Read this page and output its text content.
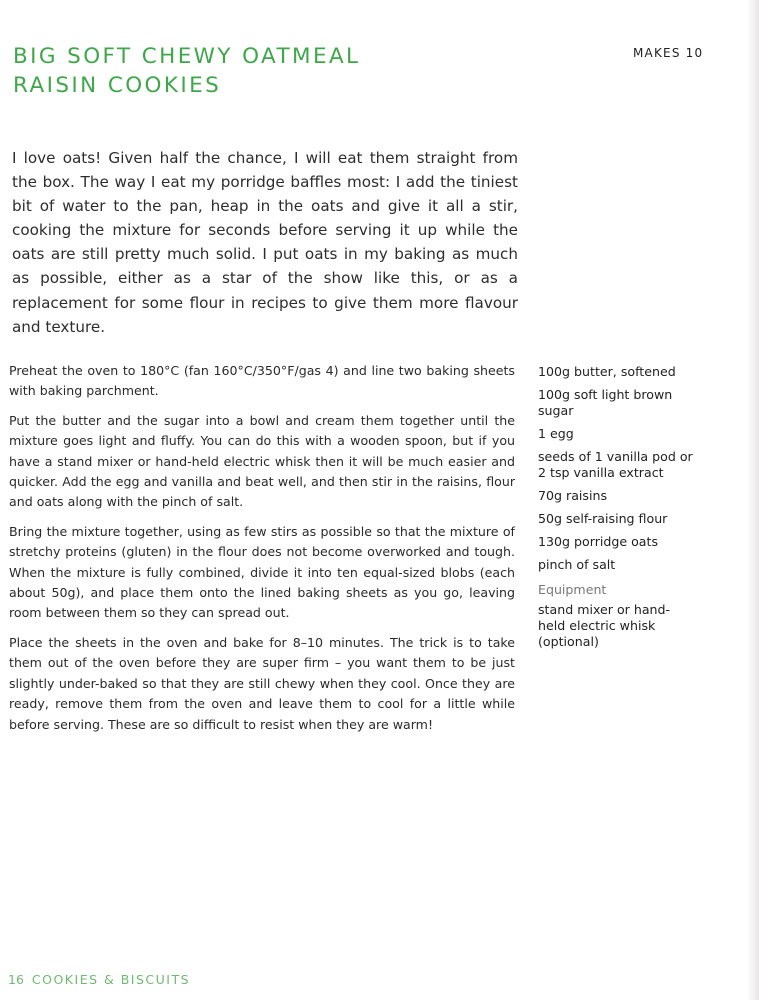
BIG SOFT CHEWY OATMEAL
RAISIN COOKIES
MAKES 10

I love oats! Given half the chance, I will eat them straight from the box. The way I eat my porridge baffles most: I add the tiniest bit of water to the pan, heap in the oats and give it all a stir, cooking the mixture for seconds before serving it up while the oats are still pretty much solid. I put oats in my baking as much as possible, either as a star of the show like this, or as a replacement for some flour in recipes to give them more flavour and texture.

Preheat the oven to 180°C (fan 160°C/350°F/gas 4) and line two baking sheets with baking parchment.

Put the butter and the sugar into a bowl and cream them together until the mixture goes light and fluffy. You can do this with a wooden spoon, but if you have a stand mixer or hand-held electric whisk then it will be much easier and quicker. Add the egg and vanilla and beat well, and then stir in the raisins, flour and oats along with the pinch of salt.

Bring the mixture together, using as few stirs as possible so that the mixture of stretchy proteins (gluten) in the flour does not become overworked and tough. When the mixture is fully combined, divide it into ten equal-sized blobs (each about 50g), and place them onto the lined baking sheets as you go, leaving room between them so they can spread out.

Place the sheets in the oven and bake for 8–10 minutes. The trick is to take them out of the oven before they are super firm – you want them to be just slightly under-baked so that they are still chewy when they cool. Once they are ready, remove them from the oven and leave them to cool for a little while before serving. These are so difficult to resist when they are warm!

100g butter, softened
100g soft light brown sugar
1 egg
seeds of 1 vanilla pod or 2 tsp vanilla extract
70g raisins
50g self-raising flour
130g porridge oats
pinch of salt
Equipment
stand mixer or hand-held electric whisk (optional)
16 COOKIES & BISCUITS
